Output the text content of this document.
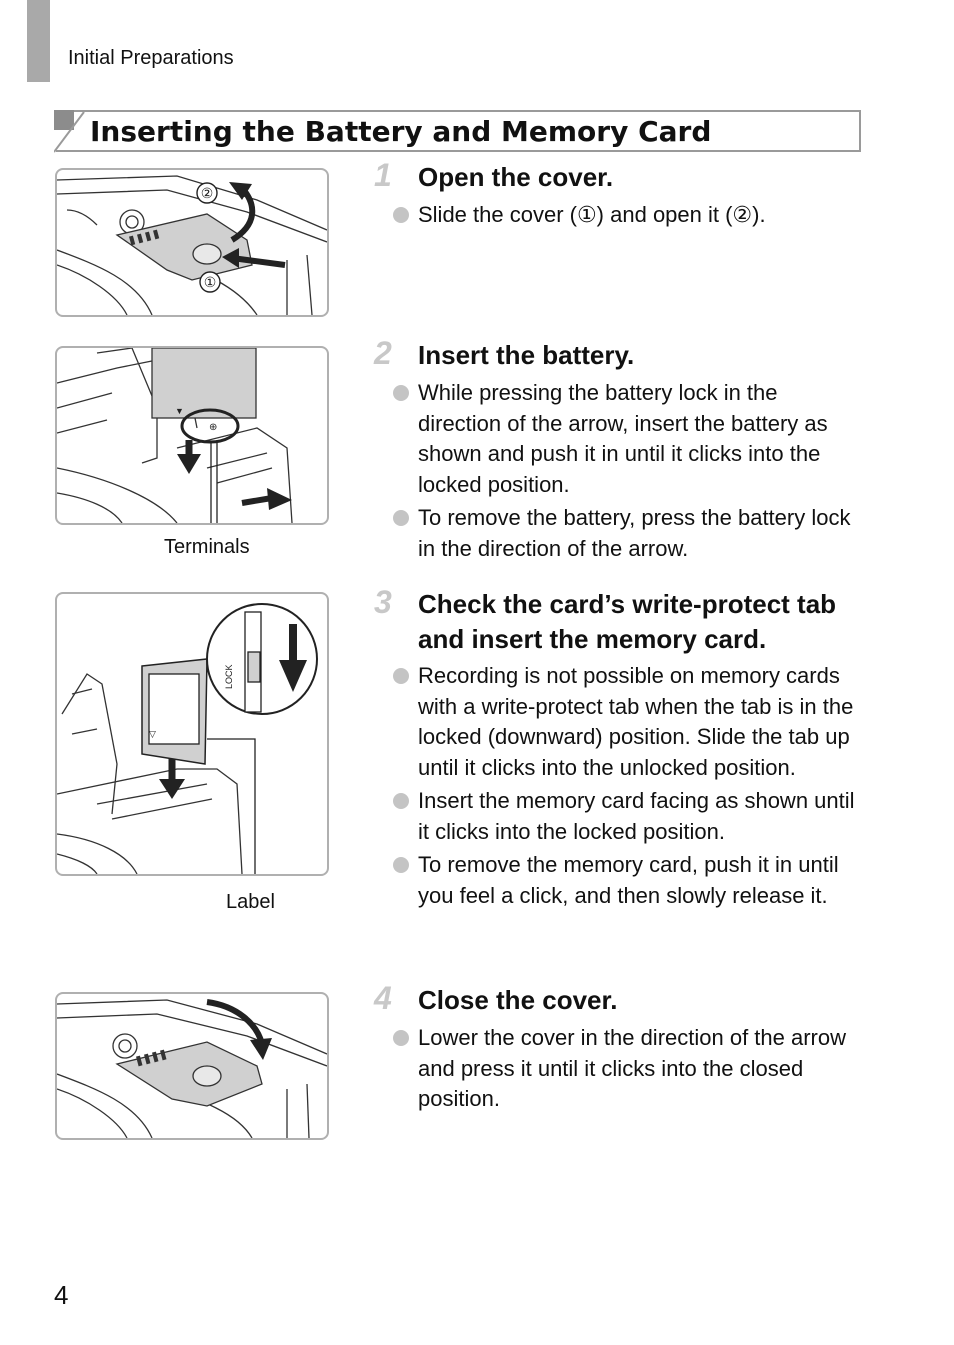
Initial Preparations
Inserting the Battery and Memory Card
②
①
1 Open the cover.
Slide the cover (①) and open it (②).
▼
⊕
Terminals
2 Insert the battery.
While pressing the battery lock in the direction of the arrow, insert the battery as shown and push it in until it clicks into the locked position.
To remove the battery, press the battery lock in the direction of the arrow.
▽
LOCK
Label
3 Check the card’s write-protect tab and insert the memory card.
Recording is not possible on memory cards with a write-protect tab when the tab is in the locked (downward) position. Slide the tab up until it clicks into the unlocked position.
Insert the memory card facing as shown until it clicks into the locked position.
To remove the memory card, push it in until you feel a click, and then slowly release it.
4 Close the cover.
Lower the cover in the direction of the arrow and press it until it clicks into the closed position.
4
